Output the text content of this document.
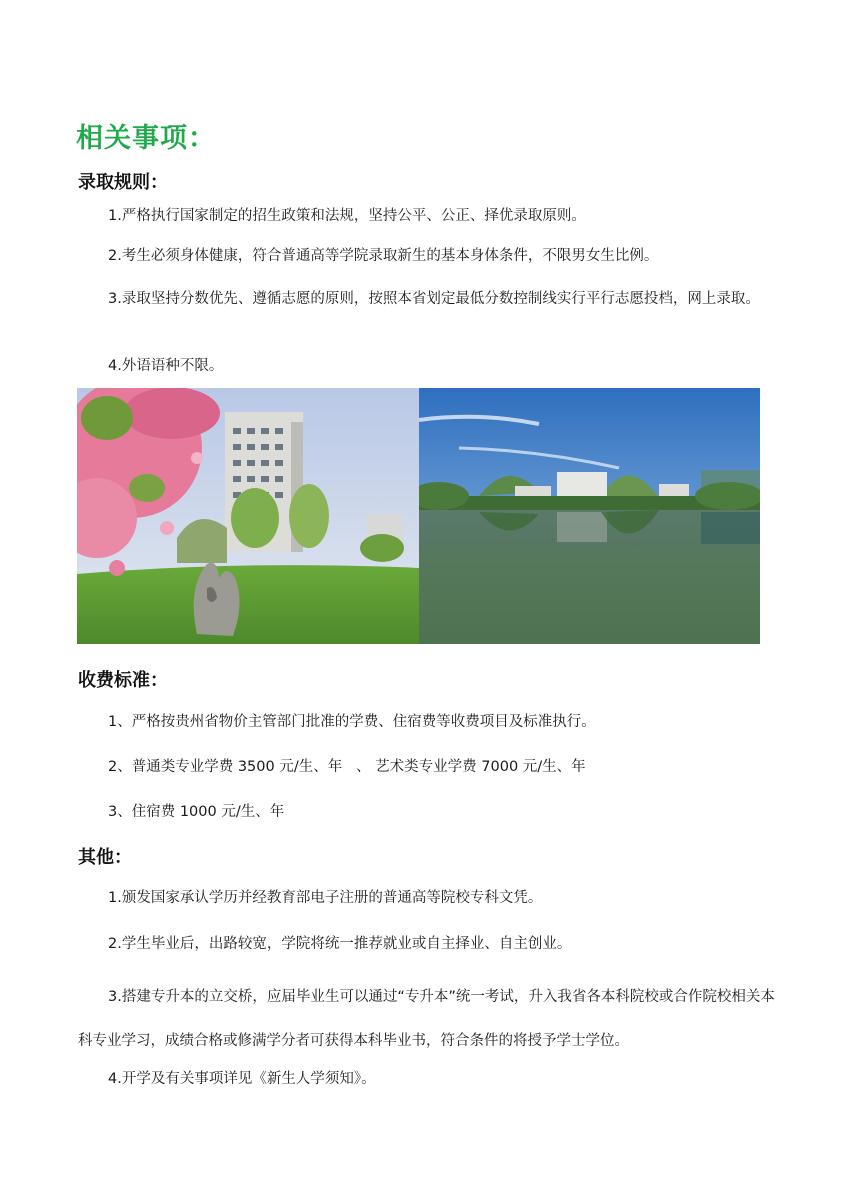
相关事项：
录取规则：
1.严格执行国家制定的招生政策和法规，坚持公平、公正、择优录取原则。
2.考生必须身体健康，符合普通高等学院录取新生的基本身体条件，不限男女生比例。
3.录取坚持分数优先、遵循志愿的原则，按照本省划定最低分数控制线实行平行志愿投档，网上录取。
4.外语语种不限。
收费标准：
1、严格按贵州省物价主管部门批准的学费、住宿费等收费项目及标准执行。
2、普通类专业学费 3500 元/生、年   、 艺术类专业学费 7000 元/生、年
3、住宿费 1000 元/生、年
其他：
1.颁发国家承认学历并经教育部电子注册的普通高等院校专科文凭。
2.学生毕业后，出路较宽，学院将统一推荐就业或自主择业、自主创业。
3.搭建专升本的立交桥，应届毕业生可以通过“专升本”统一考试，升入我省各本科院校或合作院校相关本科专业学习，成绩合格或修满学分者可获得本科毕业书，符合条件的将授予学士学位。
4.开学及有关事项详见《新生人学须知》。
